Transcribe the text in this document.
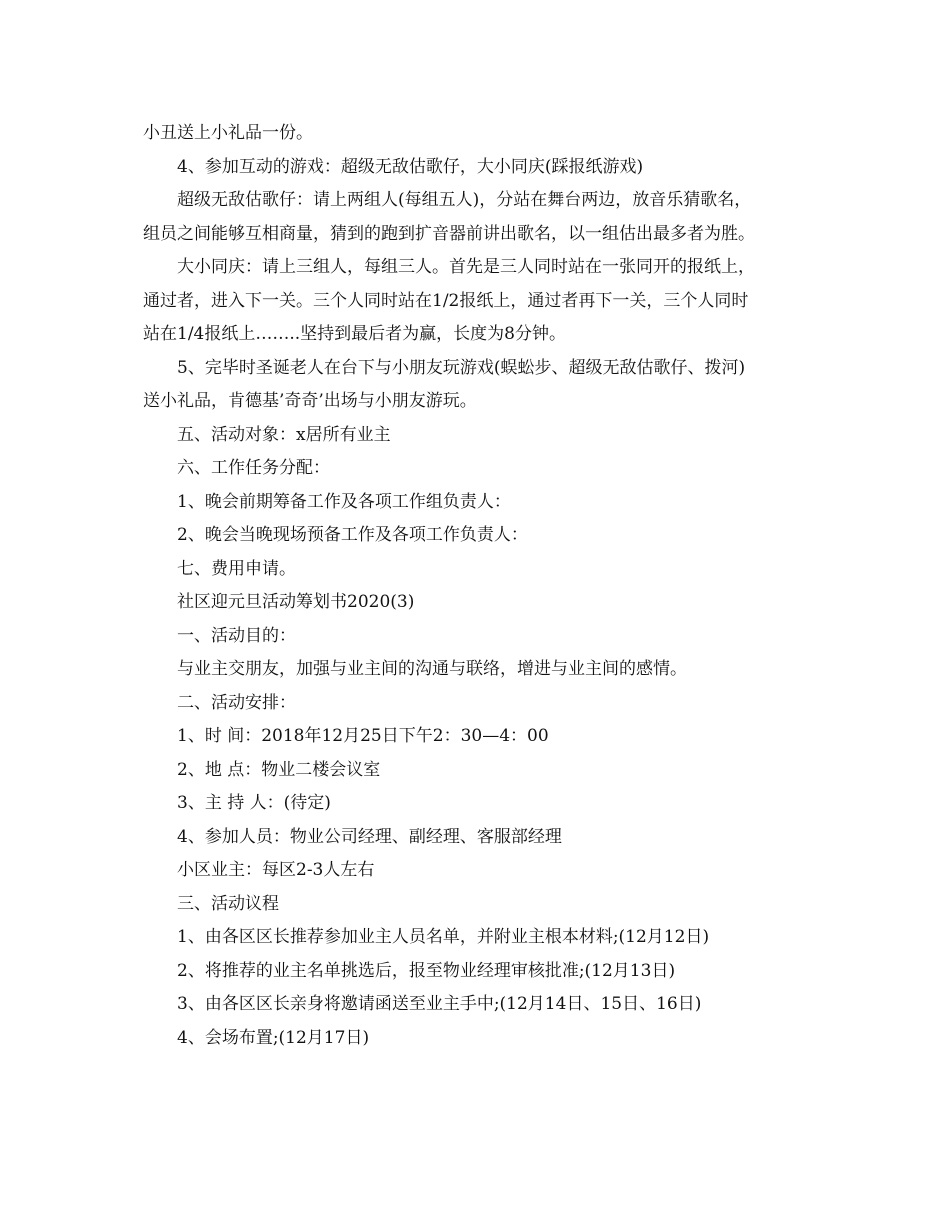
小丑送上小礼品一份。
4、参加互动的游戏：超级无敌估歌仔，大小同庆(踩报纸游戏)
超级无敌估歌仔：请上两组人(每组五人)，分站在舞台两边，放音乐猜歌名，
组员之间能够互相商量，猜到的跑到扩音器前讲出歌名，以一组估出最多者为胜。
大小同庆：请上三组人，每组三人。首先是三人同时站在一张同开的报纸上，
通过者，进入下一关。三个人同时站在1/2报纸上，通过者再下一关，三个人同时
站在1/4报纸上……..坚持到最后者为赢，长度为8分钟。
5、完毕时圣诞老人在台下与小朋友玩游戏(蜈蚣步、超级无敌估歌仔、拨河)
送小礼品，肯德基’奇奇’出场与小朋友游玩。
五、活动对象：x居所有业主
六、工作任务分配：
1、晚会前期筹备工作及各项工作组负责人：
2、晚会当晚现场预备工作及各项工作负责人：
七、费用申请。
社区迎元旦活动筹划书2020(3)
一、活动目的：
与业主交朋友，加强与业主间的沟通与联络，增进与业主间的感情。
二、活动安排：
1、时 间：2018年12月25日下午2：30—4：00
2、地 点：物业二楼会议室
3、主 持 人：(待定)
4、参加人员：物业公司经理、副经理、客服部经理
小区业主：每区2-3人左右
三、活动议程
1、由各区区长推荐参加业主人员名单，并附业主根本材料;(12月12日)
2、将推荐的业主名单挑选后，报至物业经理审核批准;(12月13日)
3、由各区区长亲身将邀请函送至业主手中;(12月14日、15日、16日)
4、会场布置;(12月17日)
